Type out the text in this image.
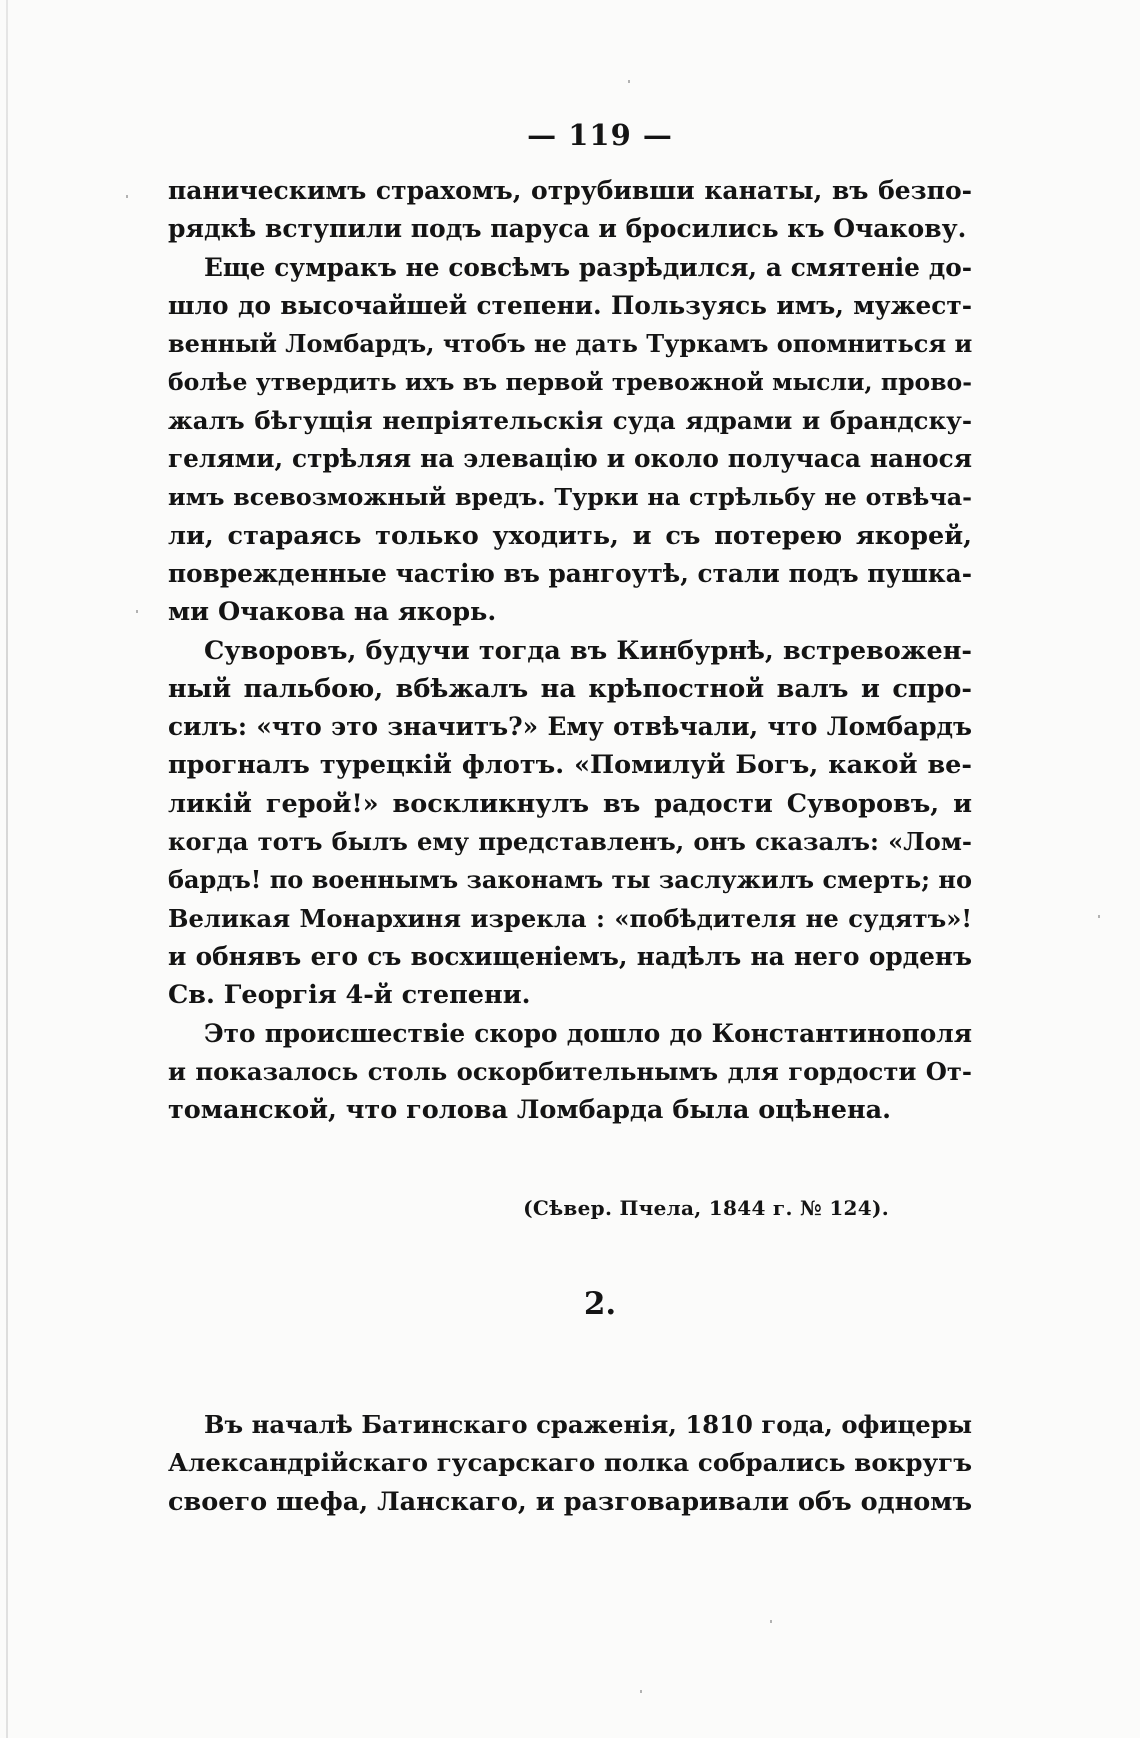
— 119 —
паническимъ страхомъ, отрубивши канаты, въ безпо-
рядкѣ вступили подъ паруса и бросились къ Очакову.
Еще сумракъ не совсѣмъ разрѣдился, а смятеніе до-
шло до высочайшей степени. Пользуясь имъ, мужест-
венный Ломбардъ, чтобъ не дать Туркамъ опомниться и
болѣе утвердить ихъ въ первой тревожной мысли, прово-
жалъ бѣгущія непріятельскія суда ядрами и брандску-
гелями, стрѣляя на элевацію и около получаса нанося
имъ всевозможный вредъ. Турки на стрѣльбу не отвѣча-
ли, стараясь только уходить, и съ потерею якорей,
поврежденные частію въ рангоутѣ, стали подъ пушка-
ми Очакова на якорь.
Суворовъ, будучи тогда въ Кинбурнѣ, встревожен-
ный пальбою, вбѣжалъ на крѣпостной валъ и спро-
силъ: «что это значитъ?» Ему отвѣчали, что Ломбардъ
прогналъ турецкій флотъ. «Помилуй Богъ, какой ве-
ликій герой!» воскликнулъ въ радости Суворовъ, и
когда тотъ былъ ему представленъ, онъ сказалъ: «Лом-
бардъ! по военнымъ законамъ ты заслужилъ смерть; но
Великая Монархиня изрекла : «побѣдителя не судятъ»!
и обнявъ его съ восхищеніемъ, надѣлъ на него орденъ
Св. Георгія 4-й степени.
Это происшествіе скоро дошло до Константинополя
и показалось столь оскорбительнымъ для гордости От-
томанской, что голова Ломбарда была оцѣнена.
(Сѣвер. Пчела, 1844 г. № 124).
2.
Въ началѣ Батинскаго сраженія, 1810 года, офицеры
Александрійскаго гусарскаго полка собрались вокругъ
своего шефа, Ланскаго, и разговаривали объ одномъ
